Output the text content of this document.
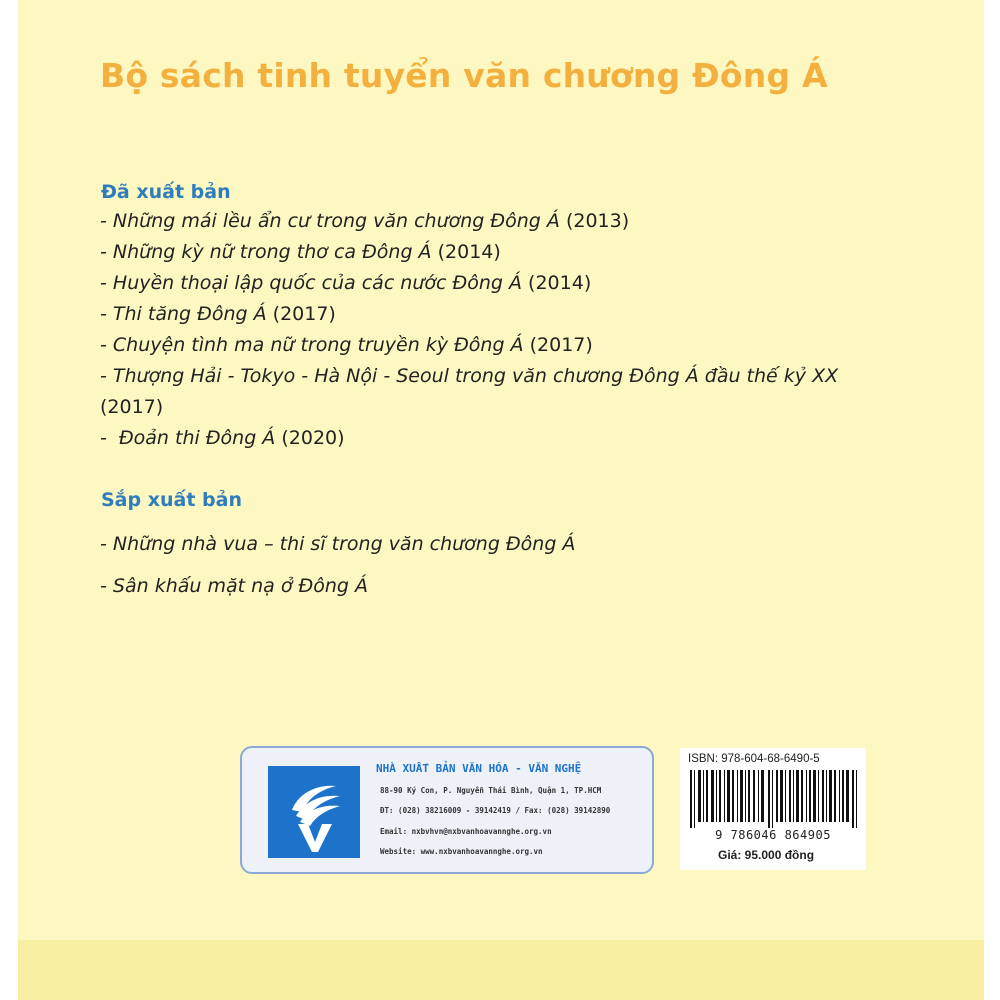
Bộ sách tinh tuyển văn chương Đông Á
Đã xuất bản
- Những mái lều ẩn cư trong văn chương Đông Á (2013)
- Những kỳ nữ trong thơ ca Đông Á (2014)
- Huyền thoại lập quốc của các nước Đông Á (2014)
- Thi tăng Đông Á (2017)
- Chuyện tình ma nữ trong truyền kỳ Đông Á (2017)
- Thượng Hải - Tokyo - Hà Nội - Seoul trong văn chương Đông Á đầu thế kỷ XX (2017)
-  Đoản thi Đông Á (2020)
Sắp xuất bản
- Những nhà vua – thi sĩ trong văn chương Đông Á
- Sân khấu mặt nạ ở Đông Á
NHÀ XUẤT BẢN VĂN HÓA - VĂN NGHỆ
88-90 Ký Con, P. Nguyễn Thái Bình, Quận 1, TP.HCM
ĐT: (028) 38216009 - 39142419 / Fax: (028) 39142890
Email: nxbvhvn@nxbvanhoavannghe.org.vn
Website: www.nxbvanhoavannghe.org.vn
ISBN: 978-604-68-6490-5
9 786046 864905
Giá: 95.000 đồng
